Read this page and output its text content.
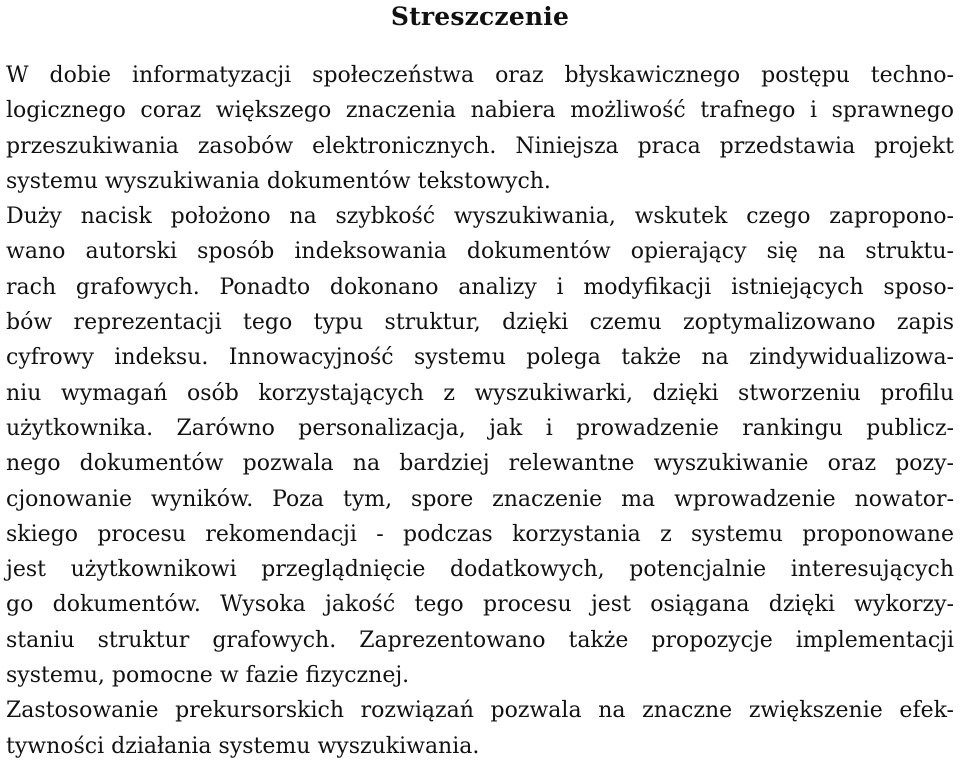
Streszczenie
W dobie informatyzacji społeczeństwa oraz błyskawicznego postępu techno-
logicznego coraz większego znaczenia nabiera możliwość trafnego i sprawnego
przeszukiwania zasobów elektronicznych. Niniejsza praca przedstawia projekt
systemu wyszukiwania dokumentów tekstowych.
Duży nacisk położono na szybkość wyszukiwania, wskutek czego zapropono-
wano autorski sposób indeksowania dokumentów opierający się na struktu-
rach grafowych. Ponadto dokonano analizy i modyfikacji istniejących sposo-
bów reprezentacji tego typu struktur, dzięki czemu zoptymalizowano zapis
cyfrowy indeksu. Innowacyjność systemu polega także na zindywidualizowa-
niu wymagań osób korzystających z wyszukiwarki, dzięki stworzeniu profilu
użytkownika. Zarówno personalizacja, jak i prowadzenie rankingu publicz-
nego dokumentów pozwala na bardziej relewantne wyszukiwanie oraz pozy-
cjonowanie wyników. Poza tym, spore znaczenie ma wprowadzenie nowator-
skiego procesu rekomendacji - podczas korzystania z systemu proponowane
jest użytkownikowi przeglądnięcie dodatkowych, potencjalnie interesujących
go dokumentów. Wysoka jakość tego procesu jest osiągana dzięki wykorzy-
staniu struktur grafowych. Zaprezentowano także propozycje implementacji
systemu, pomocne w fazie fizycznej.
Zastosowanie prekursorskich rozwiązań pozwala na znaczne zwiększenie efek-
tywności działania systemu wyszukiwania.
